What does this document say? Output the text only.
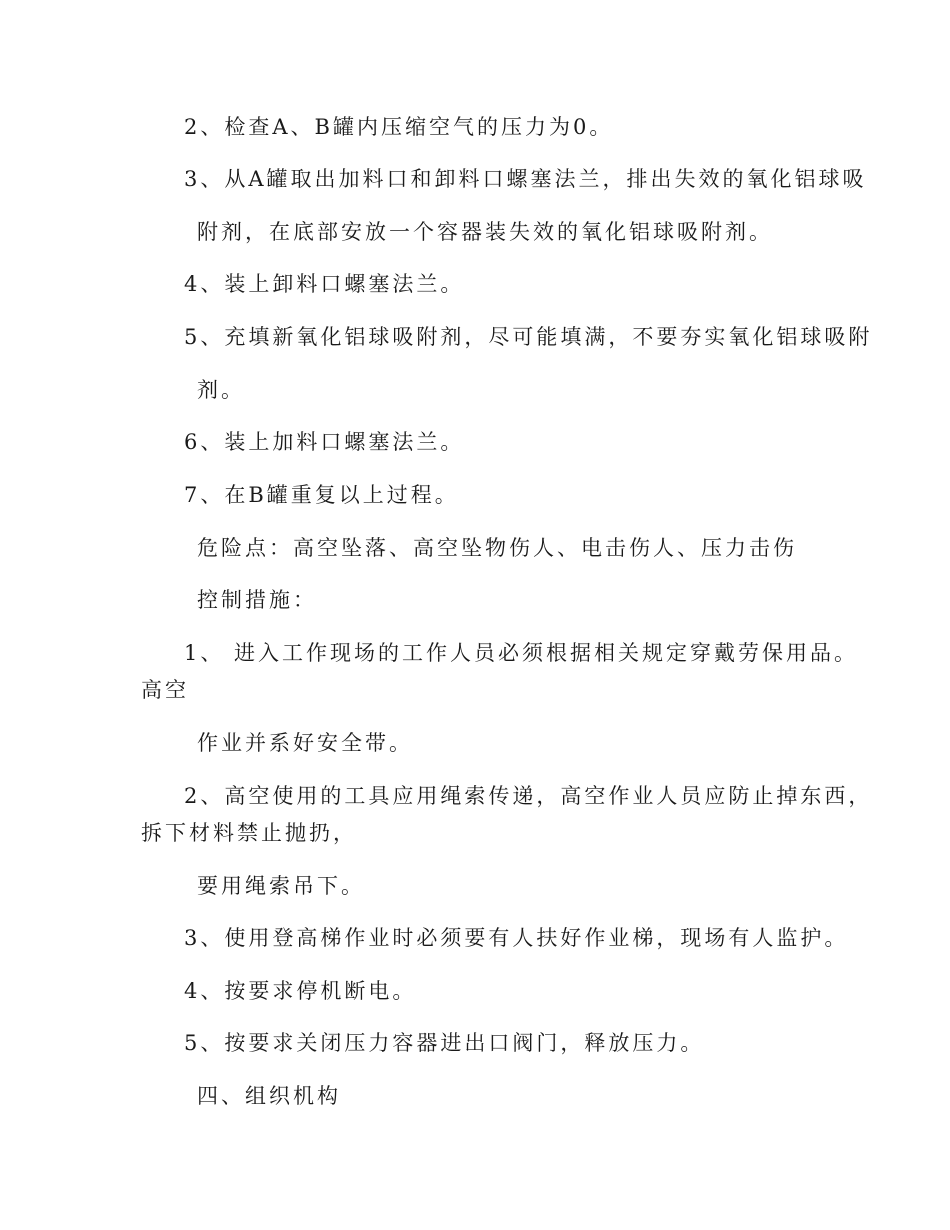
2、检查A、B罐内压缩空气的压力为0。
3、从A罐取出加料口和卸料口螺塞法兰，排出失效的氧化铝球吸
附剂，在底部安放一个容器装失效的氧化铝球吸附剂。
4、装上卸料口螺塞法兰。
5、充填新氧化铝球吸附剂，尽可能填满，不要夯实氧化铝球吸附
剂。
6、装上加料口螺塞法兰。
7、在B罐重复以上过程。
危险点：高空坠落、高空坠物伤人、电击伤人、压力击伤
控制措施：
1、 进入工作现场的工作人员必须根据相关规定穿戴劳保用品。
高空
作业并系好安全带。
2、高空使用的工具应用绳索传递，高空作业人员应防止掉东西，
拆下材料禁止抛扔，
要用绳索吊下。
3、使用登高梯作业时必须要有人扶好作业梯，现场有人监护。
4、按要求停机断电。
5、按要求关闭压力容器进出口阀门，释放压力。
四、组织机构
